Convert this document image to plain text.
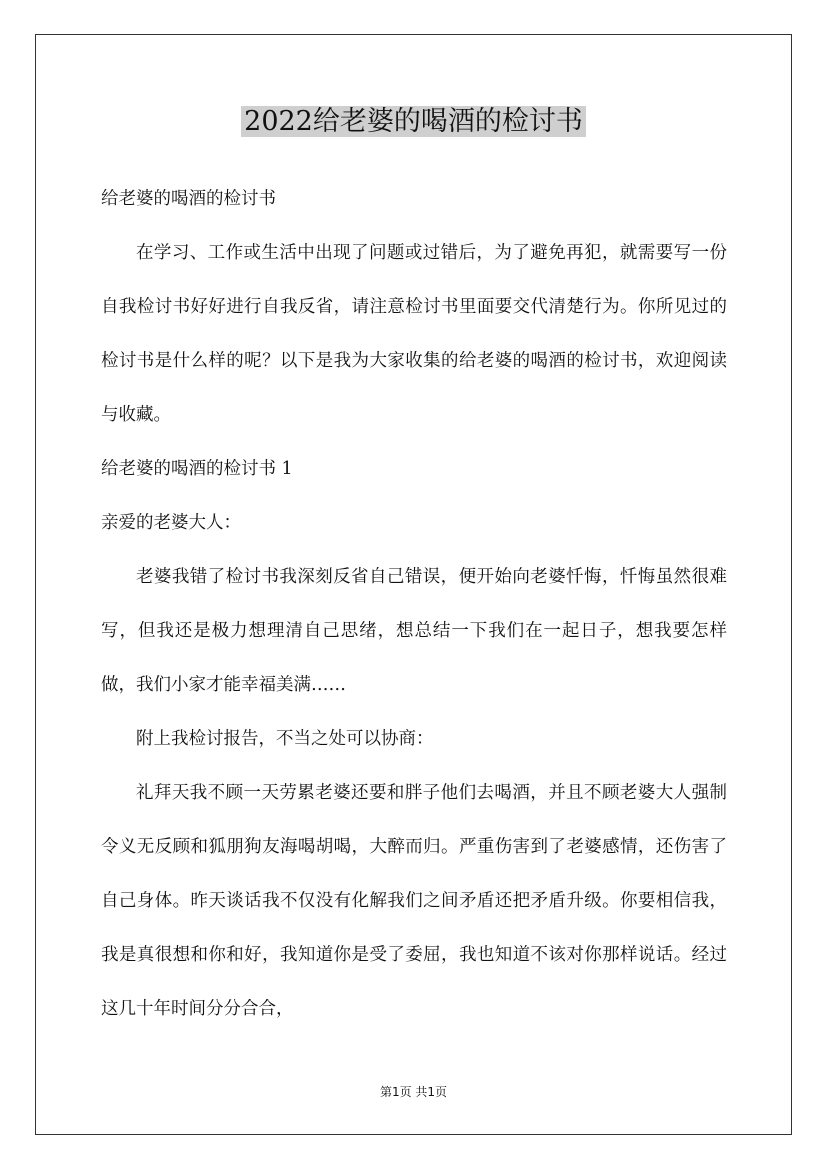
2022给老婆的喝酒的检讨书

给老婆的喝酒的检讨书

在学习、工作或生活中出现了问题或过错后，为了避免再犯，就需要写一份自我检讨书好好进行自我反省，请注意检讨书里面要交代清楚行为。你所见过的检讨书是什么样的呢？以下是我为大家收集的给老婆的喝酒的检讨书，欢迎阅读与收藏。

给老婆的喝酒的检讨书 1

亲爱的老婆大人：

老婆我错了检讨书我深刻反省自己错误，便开始向老婆忏悔，忏悔虽然很难写，但我还是极力想理清自己思绪，想总结一下我们在一起日子，想我要怎样做，我们小家才能幸福美满……

附上我检讨报告，不当之处可以协商：

礼拜天我不顾一天劳累老婆还要和胖子他们去喝酒，并且不顾老婆大人强制令义无反顾和狐朋狗友海喝胡喝，大醉而归。严重伤害到了老婆感情，还伤害了自己身体。昨天谈话我不仅没有化解我们之间矛盾还把矛盾升级。你要相信我，我是真很想和你和好，我知道你是受了委屈，我也知道不该对你那样说话。经过这几十年时间分分合合，

第1页 共1页
